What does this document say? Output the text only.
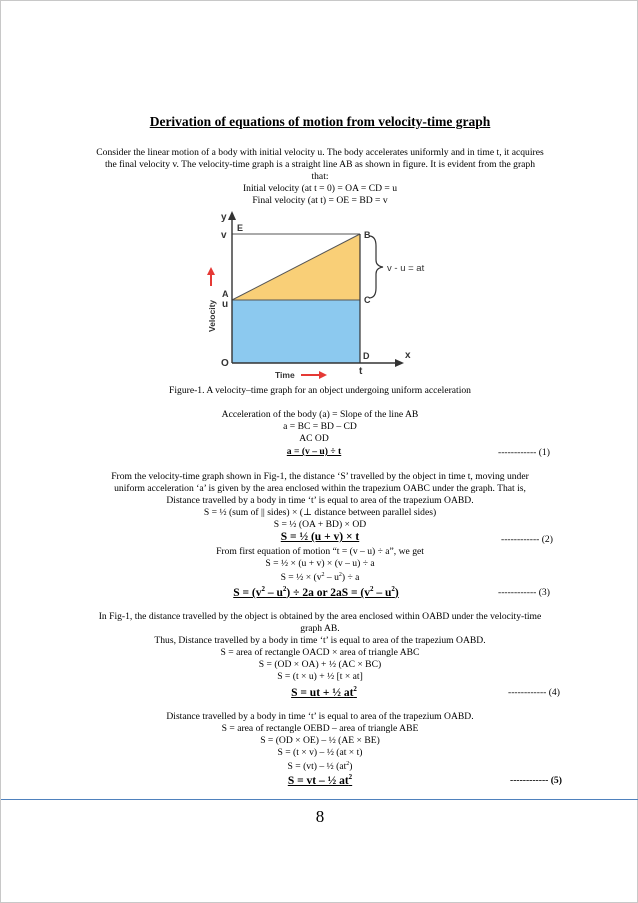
Derivation of equations of motion from velocity-time graph
Consider the linear motion of a body with initial velocity u. The body accelerates uniformly and in time t, it acquires
the final velocity v. The velocity-time graph is a straight line AB as shown in figure. It is evident from the graph
that:
Initial velocity (at t = 0) = OA = CD = u
Final velocity (at t) = OE = BD = v
y
E
v	B
A
u	C
O
D
t
x
v - u = at
Velocity
Time
Figure-1. A velocity–time graph for an object undergoing uniform acceleration
Acceleration of the body (a) = Slope of the line AB
a = BC = BD – CD
AC OD
a = (v – u) ÷ t	------------ (1)
From the velocity-time graph shown in Fig-1, the distance ‘S’ travelled by the object in time t, moving under
uniform acceleration ‘a’ is given by the area enclosed within the trapezium OABC under the graph. That is,
Distance travelled by a body in time ‘t’ is equal to area of the trapezium OABD.
S = ½ (sum of || sides) × (⊥ distance between parallel sides)
S = ½ (OA + BD) × OD
S = ½ (u + v) × t	------------ (2)
From first equation of motion “t = (v – u) ÷ a”, we get
S = ½ × (u + v) × (v – u) ÷ a
S = ½ × $(v^2 - u^2) \div a$
$S = (v^2 - u^2) \div 2a$ or $2aS = (v^2 - u^2)$	------------ (3)
In Fig-1, the distance travelled by the object is obtained by the area enclosed within OABD under the velocity-time
graph AB.
Thus, Distance travelled by a body in time ‘t’ is equal to area of the trapezium OABD.
S = area of rectangle OACD × area of triangle ABC
S = (OD × OA) + ½ (AC × BC)
S = (t × u) + ½ [t × at]
S = ut + ½ $at^2$	------------ (4)
Distance travelled by a body in time ‘t’ is equal to area of the trapezium OABD.
S = area of rectangle OEBD – area of triangle ABE
S = (OD × OE) – ½ (AE × BE)
S = (t × v) – ½ (at × t)
S = (vt) – ½ $(at^2)$
S = vt – ½ $at^2$	------------ (5)
8
